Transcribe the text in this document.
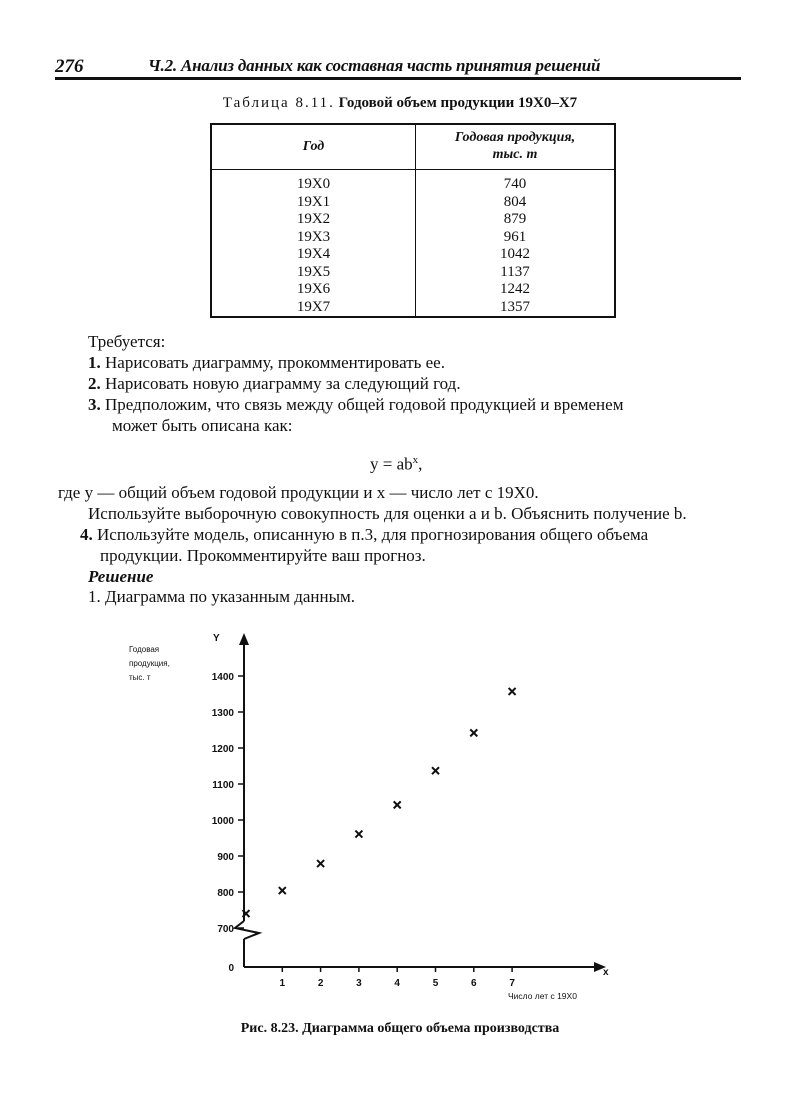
276	Ч.2. Анализ данных как составная часть принятия решений
Таблица 8.11. Годовой объем продукции 19X0–X7
Год	Годовая продукция,
тыс. т
19X0	740
19X1	804
19X2	879
19X3	961
19X4	1042
19X5	1137
19X6	1242
19X7	1357
Требуется:
1. Нарисовать диаграмму, прокомментировать ее.
2. Нарисовать новую диаграмму за следующий год.
3. Предположим, что связь между общей годовой продукцией и временем
может быть описана как:
$y = ab^x$,
где y — общий объем годовой продукции и x — число лет с 19X0.
Используйте выборочную совокупность для оценки a и b. Объяснить получение b.
4. Используйте модель, описанную в п.3, для прогнозирования общего объема
продукции. Прокомментируйте ваш прогноз.
Решение
1. Диаграмма по указанным данным.
Годовая
продукция,
тыс. т
Y
x
0
700
800
900
1000
1100
1200
1300
1400
1	2	3	4	5	6	7
Число лет с 19X0
Рис. 8.23. Диаграмма общего объема производства
